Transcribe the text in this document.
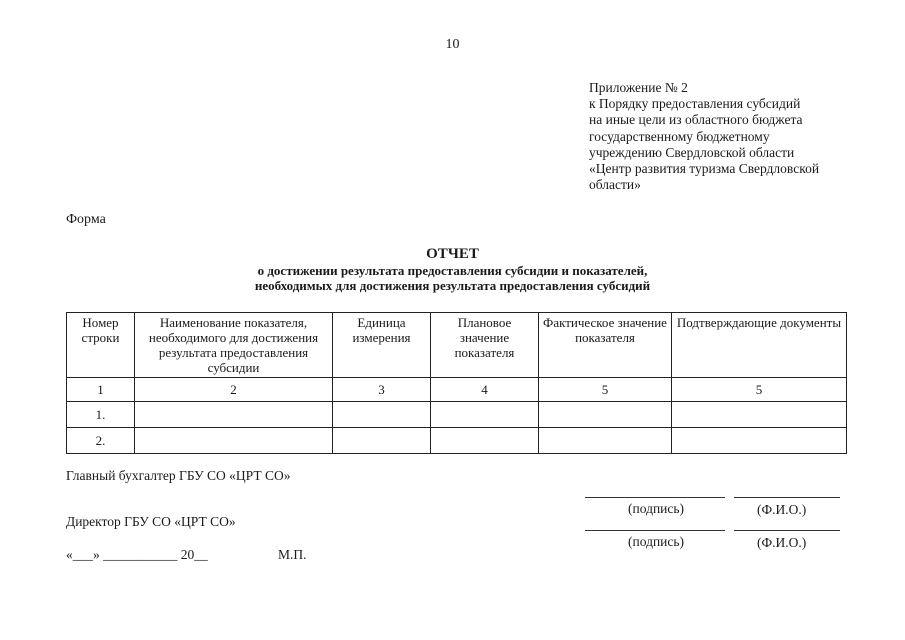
10
Приложение № 2
к Порядку предоставления субсидий
на иные цели из областного бюджета
государственному бюджетному
учреждению Свердловской области
«Центр развития туризма Свердловской
области»
Форма
ОТЧЕТ
о достижении результата предоставления субсидии и показателей,
необходимых для достижения результата предоставления субсидий
Номер строки	Наименование показателя, необходимого для достижения результата предоставления субсидии	Единица измерения	Плановое значение показателя	Фактическое значение показателя	Подтверждающие документы
1	2	3	4	5	5
1.					
2.					
Главный бухгалтер ГБУ СО «ЦРТ СО»
(подпись)	(Ф.И.О.)
Директор ГБУ СО «ЦРТ СО»
(подпись)	(Ф.И.О.)
«___» ___________ 20__	М.П.
